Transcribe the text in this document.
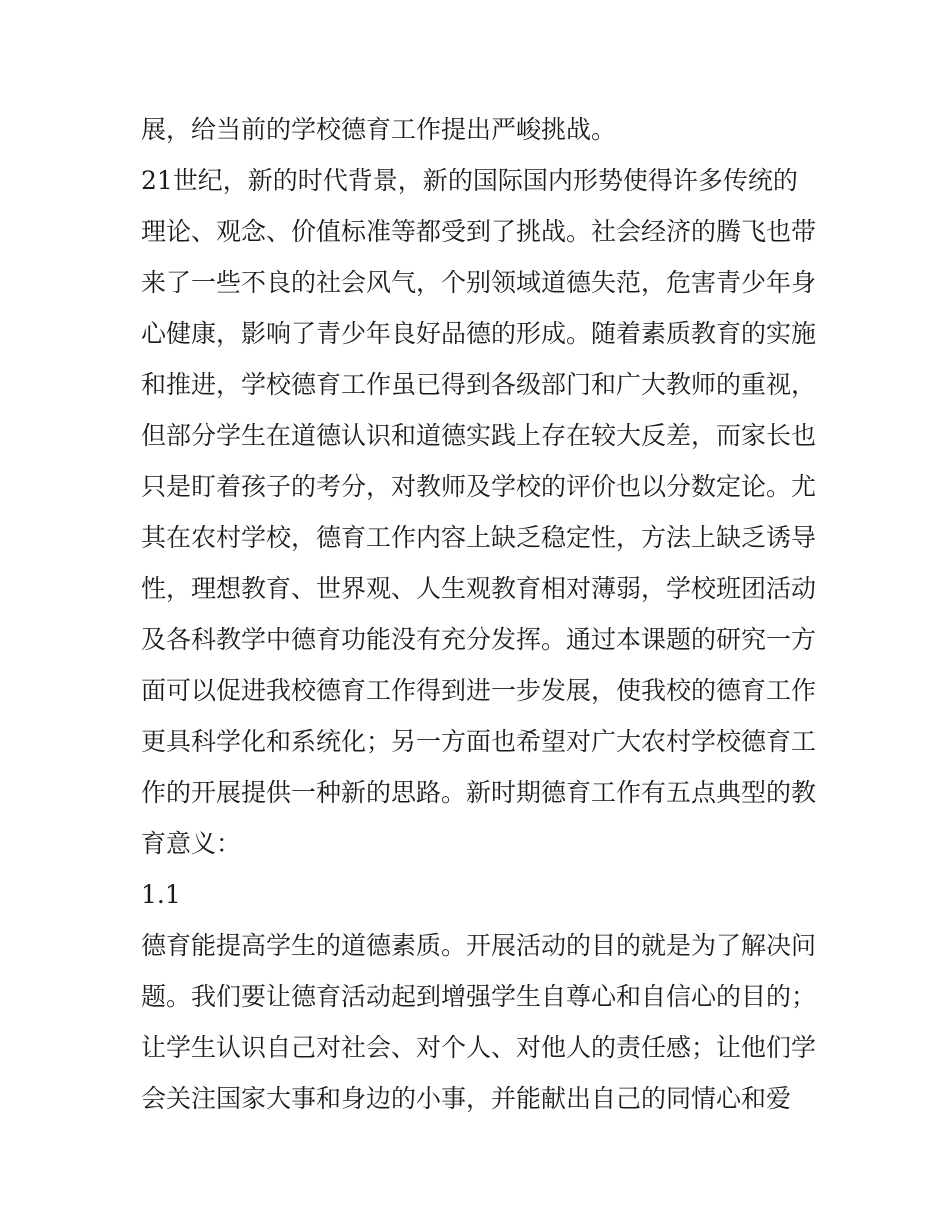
展，给当前的学校德育工作提出严峻挑战。
21世纪，新的时代背景，新的国际国内形势使得许多传统的
理论、观念、价值标准等都受到了挑战。社会经济的腾飞也带
来了一些不良的社会风气，个别领域道德失范，危害青少年身
心健康，影响了青少年良好品德的形成。随着素质教育的实施
和推进，学校德育工作虽已得到各级部门和广大教师的重视，
但部分学生在道德认识和道德实践上存在较大反差，而家长也
只是盯着孩子的考分，对教师及学校的评价也以分数定论。尤
其在农村学校，德育工作内容上缺乏稳定性，方法上缺乏诱导
性，理想教育、世界观、人生观教育相对薄弱，学校班团活动
及各科教学中德育功能没有充分发挥。通过本课题的研究一方
面可以促进我校德育工作得到进一步发展，使我校的德育工作
更具科学化和系统化；另一方面也希望对广大农村学校德育工
作的开展提供一种新的思路。新时期德育工作有五点典型的教
育意义：
1.1
德育能提高学生的道德素质。开展活动的目的就是为了解决问
题。我们要让德育活动起到增强学生自尊心和自信心的目的；
让学生认识自己对社会、对个人、对他人的责任感；让他们学
会关注国家大事和身边的小事，并能献出自己的同情心和爱
